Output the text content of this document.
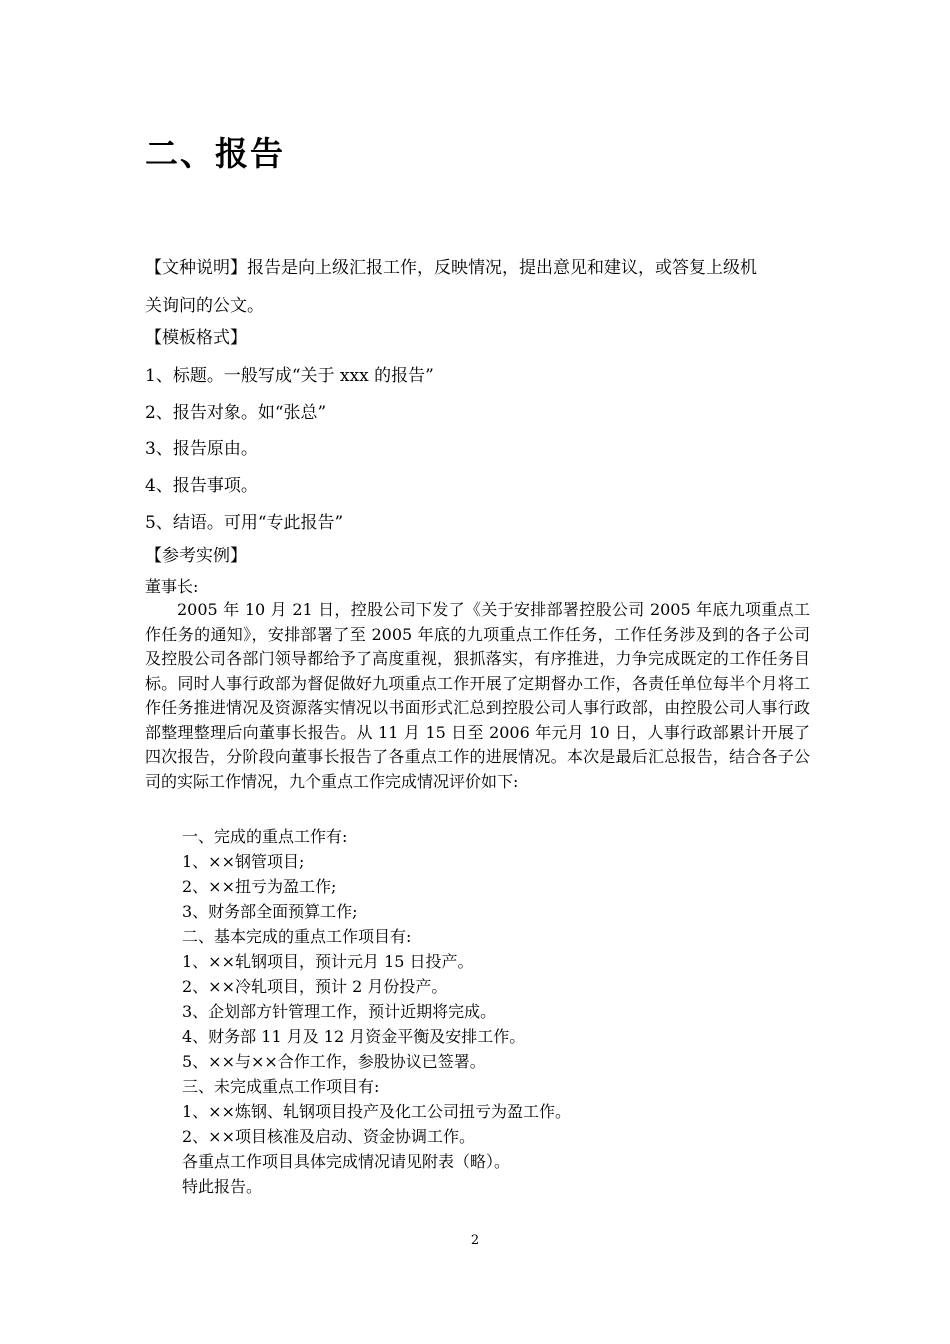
二、报告
【文种说明】报告是向上级汇报工作，反映情况，提出意见和建议，或答复上级机
关询问的公文。
【模板格式】
1、标题。一般写成“关于 xxx 的报告”
2、报告对象。如“张总”
3、报告原由。
4、报告事项。
5、结语。可用“专此报告”
【参考实例】
董事长:

2005 年 10 月 21 日，控股公司下发了《关于安排部署控股公司 2005 年底九项重点工作任务的通知》，安排部署了至 2005 年底的九项重点工作任务，工作任务涉及到的各子公司及控股公司各部门领导都给予了高度重视，狠抓落实，有序推进，力争完成既定的工作任务目标。同时人事行政部为督促做好九项重点工作开展了定期督办工作，各责任单位每半个月将工作任务推进情况及资源落实情况以书面形式汇总到控股公司人事行政部，由控股公司人事行政部整理整理后向董事长报告。从 11 月 15 日至 2006 年元月 10 日，人事行政部累计开展了四次报告，分阶段向董事长报告了各重点工作的进展情况。本次是最后汇总报告，结合各子公司的实际工作情况，九个重点工作完成情况评价如下:

一、完成的重点工作有:
1、××钢管项目;
2、××扭亏为盈工作;
3、财务部全面预算工作;
二、基本完成的重点工作项目有:
1、××轧钢项目，预计元月 15 日投产。
2、××冷轧项目，预计 2 月份投产。
3、企划部方针管理工作，预计近期将完成。
4、财务部 11 月及 12 月资金平衡及安排工作。
5、××与××合作工作，参股协议已签署。
三、未完成重点工作项目有:
1、××炼钢、轧钢项目投产及化工公司扭亏为盈工作。
2、××项目核准及启动、资金协调工作。
各重点工作项目具体完成情况请见附表（略）。
特此报告。
2
